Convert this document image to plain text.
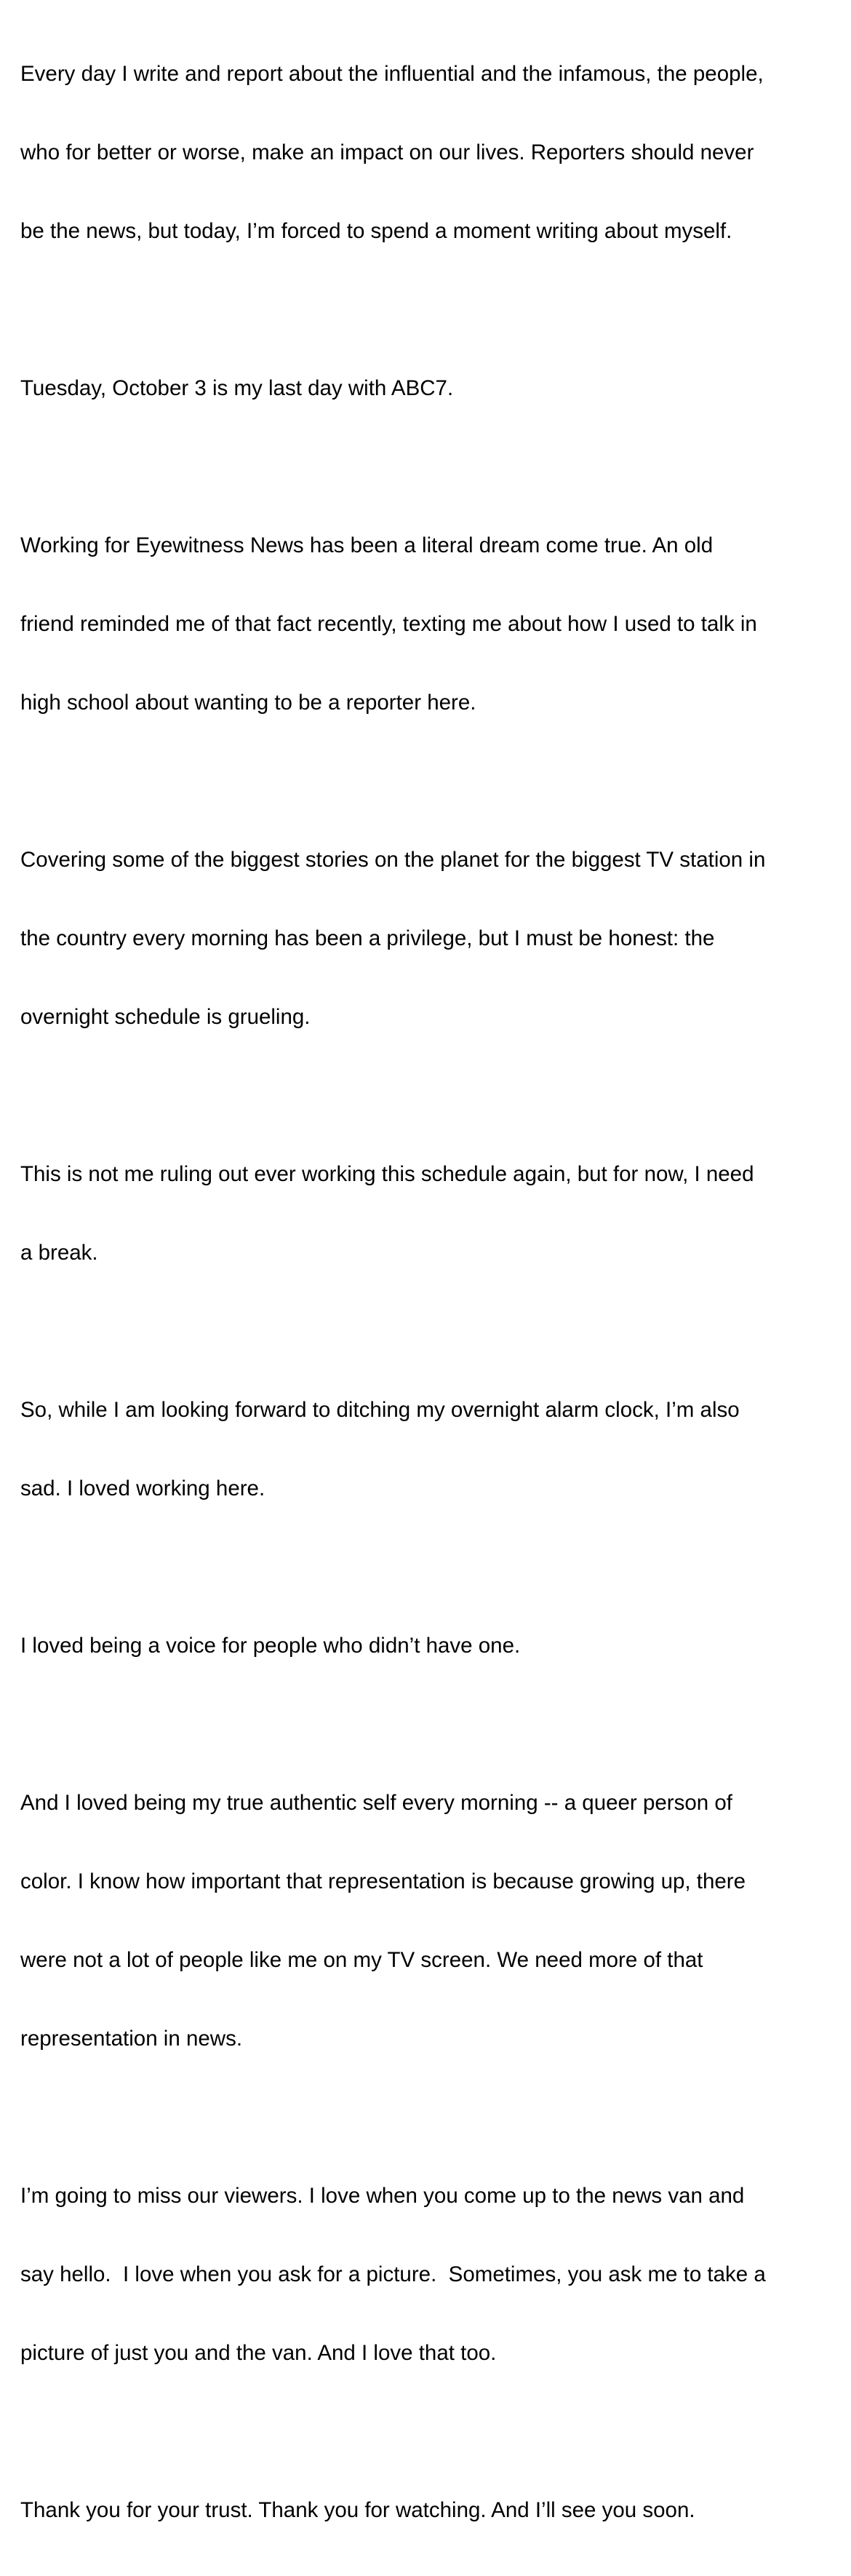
Every day I write and report about the influential and the infamous, the people,

who for better or worse, make an impact on our lives. Reporters should never

be the news, but today, I’m forced to spend a moment writing about myself.

Tuesday, October 3 is my last day with ABC7.

Working for Eyewitness News has been a literal dream come true. An old

friend reminded me of that fact recently, texting me about how I used to talk in

high school about wanting to be a reporter here.

Covering some of the biggest stories on the planet for the biggest TV station in

the country every morning has been a privilege, but I must be honest: the

overnight schedule is grueling.

This is not me ruling out ever working this schedule again, but for now, I need

a break.

So, while I am looking forward to ditching my overnight alarm clock, I’m also

sad. I loved working here.

I loved being a voice for people who didn’t have one.

And I loved being my true authentic self every morning -- a queer person of

color. I know how important that representation is because growing up, there

were not a lot of people like me on my TV screen. We need more of that

representation in news.

I’m going to miss our viewers. I love when you come up to the news van and

say hello.  I love when you ask for a picture.  Sometimes, you ask me to take a

picture of just you and the van. And I love that too.

Thank you for your trust. Thank you for watching. And I’ll see you soon.
